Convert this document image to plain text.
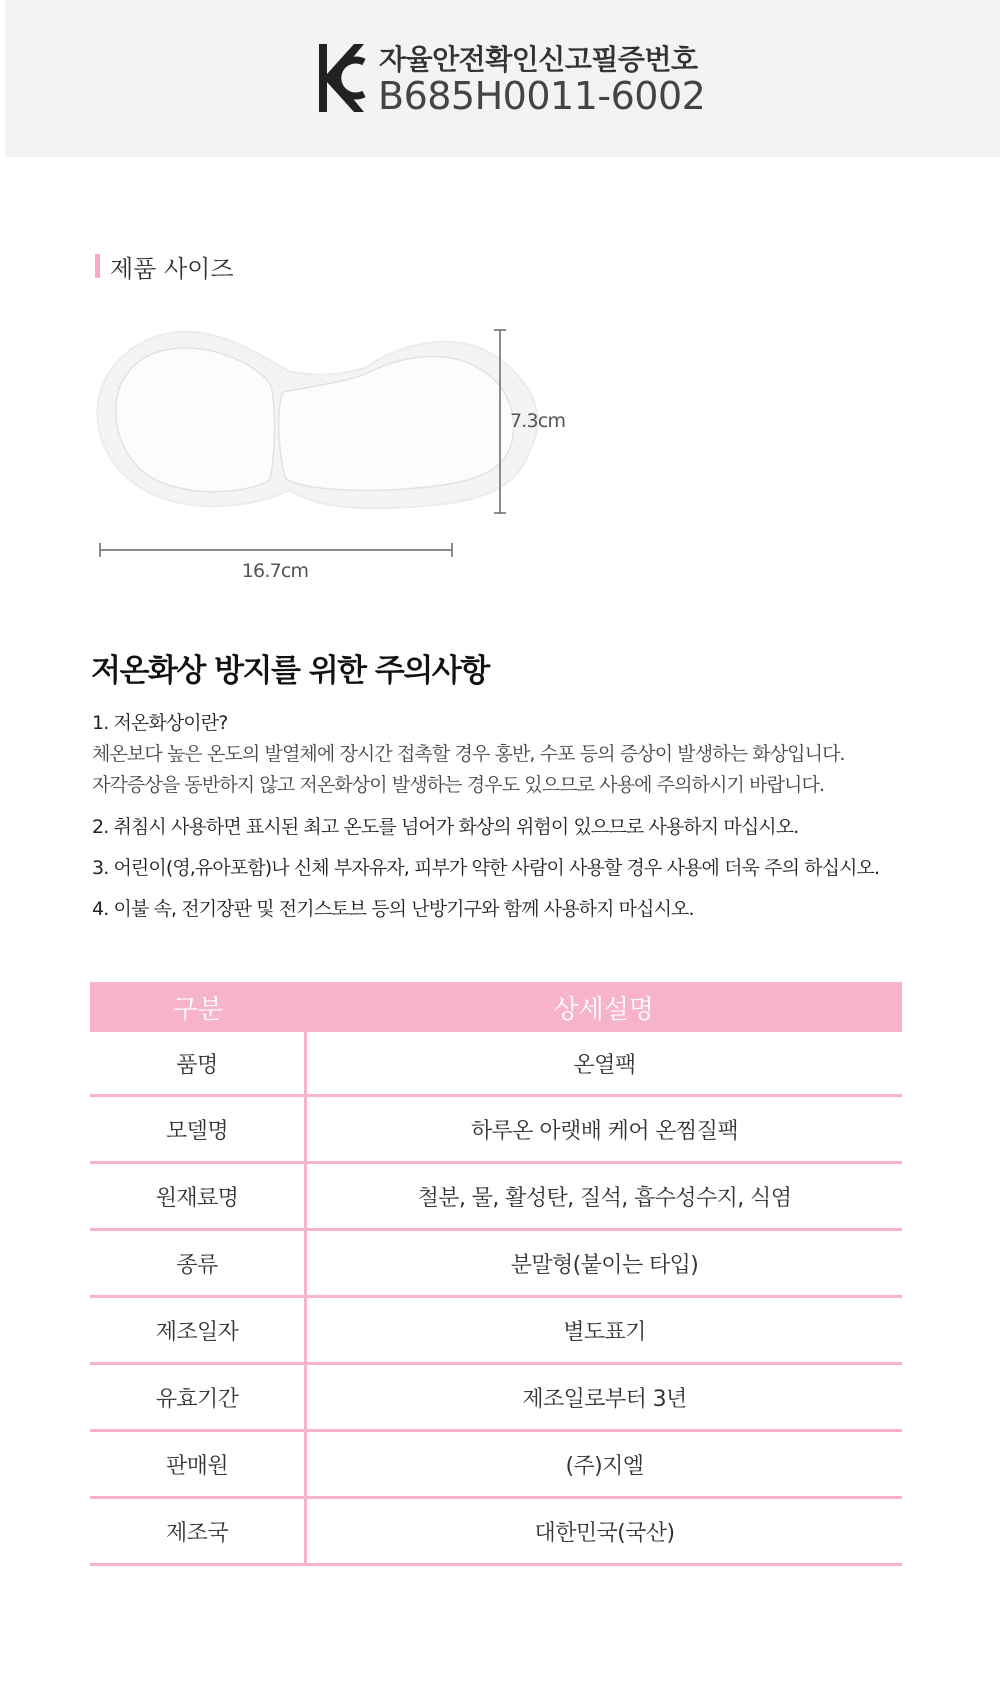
자율안전확인신고필증번호
B685H0011-6002
제품 사이즈
16.7cm
7.3cm
저온화상 방지를 위한 주의사항
1. 저온화상이란?
체온보다 높은 온도의 발열체에 장시간 접촉할 경우 홍반, 수포 등의 증상이 발생하는 화상입니다.
자각증상을 동반하지 않고 저온화상이 발생하는 경우도 있으므로 사용에 주의하시기 바랍니다.
2. 취침시 사용하면 표시된 최고 온도를 넘어가 화상의 위험이 있으므로 사용하지 마십시오.
3. 어린이(영,유아포함)나 신체 부자유자, 피부가 약한 사람이 사용할 경우 사용에 더욱 주의 하십시오.
4. 이불 속, 전기장판 및 전기스토브 등의 난방기구와 함께 사용하지 마십시오.
구분	상세설명
품명	온열팩
모델명	하루온 아랫배 케어 온찜질팩
원재료명	철분, 물, 활성탄, 질석, 흡수성수지, 식염
종류	분말형(붙이는 타입)
제조일자	별도표기
유효기간	제조일로부터 3년
판매원	(주)지엘
제조국	대한민국(국산)
